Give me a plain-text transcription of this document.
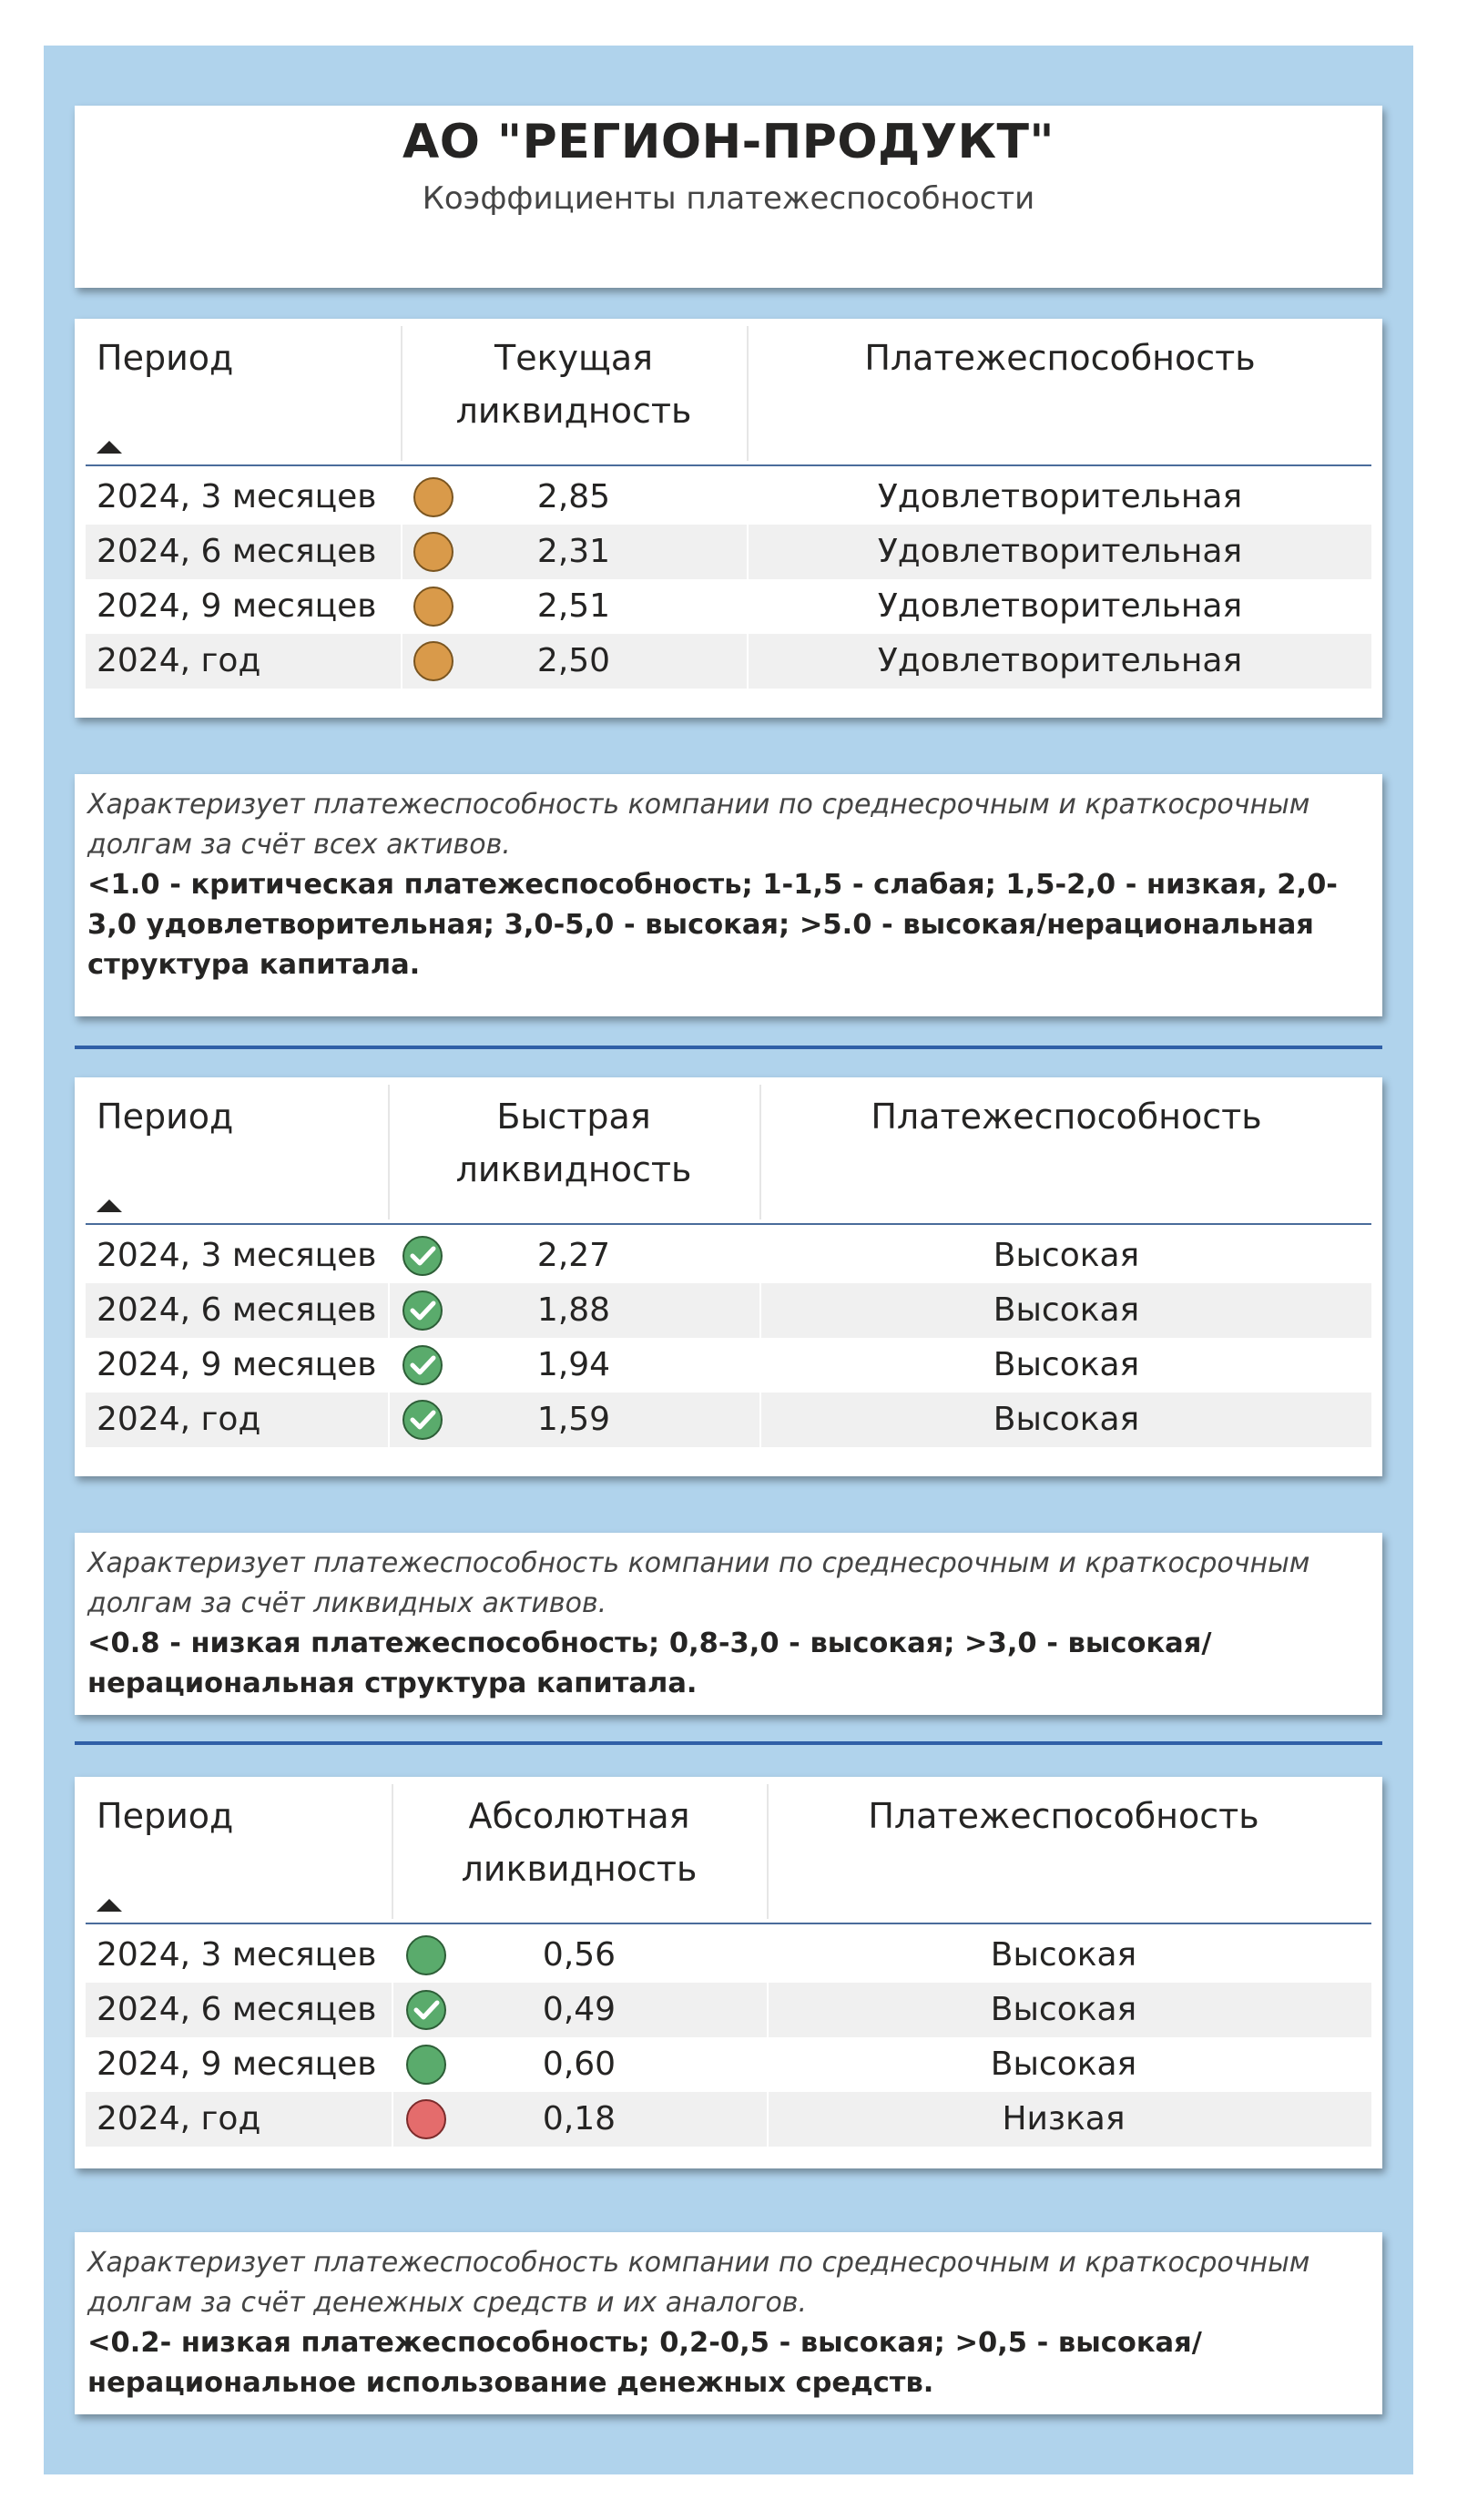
АО "РЕГИОН-ПРОДУКТ"
Коэффициенты платежеспособности
Период	Текущая
ликвидность
Платежеспособность
2024, 3 месяцев	2,85	Удовлетворительная
2024, 6 месяцев	2,31	Удовлетворительная
2024, 9 месяцев	2,51	Удовлетворительная
2024, год	2,50	Удовлетворительная
Характеризует платежеспособность компании по среднесрочным и краткосрочным долгам за счёт всех активов.
<1.0 - критическая платежеспособность; 1-1,5 - слабая; 1,5-2,0 - низкая, 2,0-3,0 удовлетворительная; 3,0-5,0 - высокая; >5.0 - высокая/нерациональная структура капитала.
Период	Быстрая
ликвидность
Платежеспособность
2024, 3 месяцев	2,27	Высокая
2024, 6 месяцев	1,88	Высокая
2024, 9 месяцев	1,94	Высокая
2024, год	1,59	Высокая
Характеризует платежеспособность компании по среднесрочным и краткосрочным долгам за счёт ликвидных активов.
<0.8 - низкая платежеспособность; 0,8-3,0 - высокая; >3,0 - высокая/нерациональная структура капитала.
Период	Абсолютная
ликвидность
Платежеспособность
2024, 3 месяцев	0,56	Высокая
2024, 6 месяцев	0,49	Высокая
2024, 9 месяцев	0,60	Высокая
2024, год	0,18	Низкая
Характеризует платежеспособность компании по среднесрочным и краткосрочным долгам за счёт денежных средств и их аналогов.
<0.2- низкая платежеспособность; 0,2-0,5 - высокая; >0,5 - высокая/нерациональное использование денежных средств.
